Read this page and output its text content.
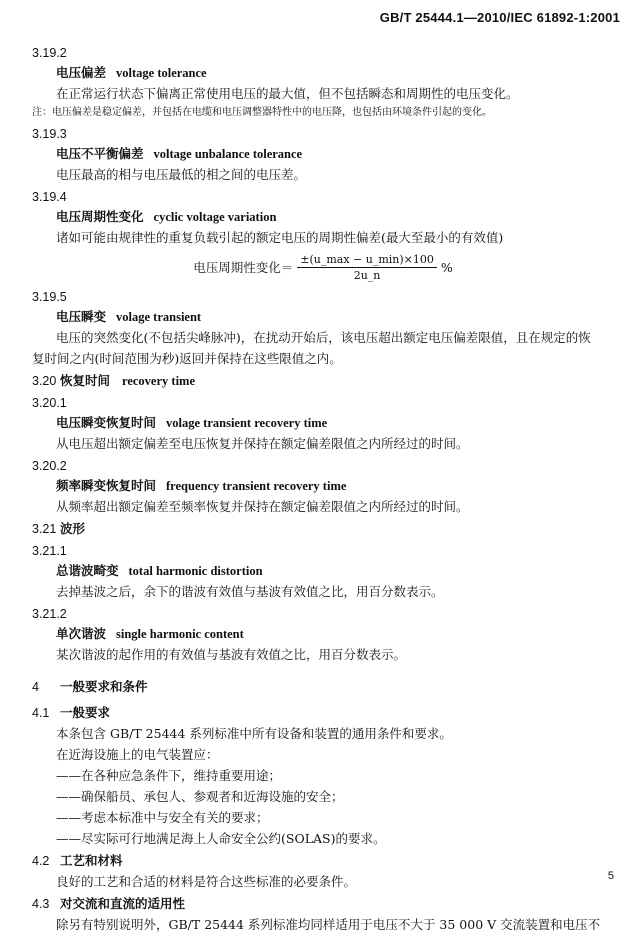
GB/T 25444.1—2010/IEC 61892-1:2001
3.19.2
电压偏差 voltage tolerance
在正常运行状态下偏离正常使用电压的最大值，但不包括瞬态和周期性的电压变化。
注：电压偏差是稳定偏差，并包括在电缆和电压调整器特性中的电压降，也包括由环境条件引起的变化。
3.19.3
电压不平衡偏差 voltage unbalance tolerance
电压最高的相与电压最低的相之间的电压差。
3.19.4
电压周期性变化 cyclic voltage variation
诸如可能由规律性的重复负载引起的额定电压的周期性偏差(最大至最小的有效值)
电压周期性变化＝ $\frac{\pm(u\_\max - u\_\min)\times 100}{2u\_n}$ %
3.19.5
电压瞬变 volage transient
电压的突然变化(不包括尖峰脉冲)，在扰动开始后，该电压超出额定电压偏差限值，且在规定的恢
复时间之内(时间范围为秒)返回并保持在这些限值之内。
3.20 恢复时间 recovery time
3.20.1
电压瞬变恢复时间 volage transient recovery time
从电压超出额定偏差至电压恢复并保持在额定偏差限值之内所经过的时间。
3.20.2
频率瞬变恢复时间 frequency transient recovery time
从频率超出额定偏差至频率恢复并保持在额定偏差限值之内所经过的时间。
3.21 波形
3.21.1
总谐波畸变 total harmonic distortion
去掉基波之后，余下的谐波有效值与基波有效值之比，用百分数表示。
3.21.2
单次谐波 single harmonic content
某次谐波的起作用的有效值与基波有效值之比，用百分数表示。
4 一般要求和条件
4.1 一般要求
本条包含 GB/T 25444 系列标准中所有设备和装置的通用条件和要求。
在近海设施上的电气装置应：
——在各种应急条件下，维持重要用途；
——确保船员、承包人、参观者和近海设施的安全；
——考虑本标准中与安全有关的要求；
——尽实际可行地满足海上人命安全公约(SOLAS)的要求。
4.2 工艺和材料
良好的工艺和合适的材料是符合这些标准的必要条件。
4.3 对交流和直流的适用性
除另有特别说明外，GB/T 25444 系列标准均同样适用于电压不大于 35 000 V 交流装置和电压不
5
